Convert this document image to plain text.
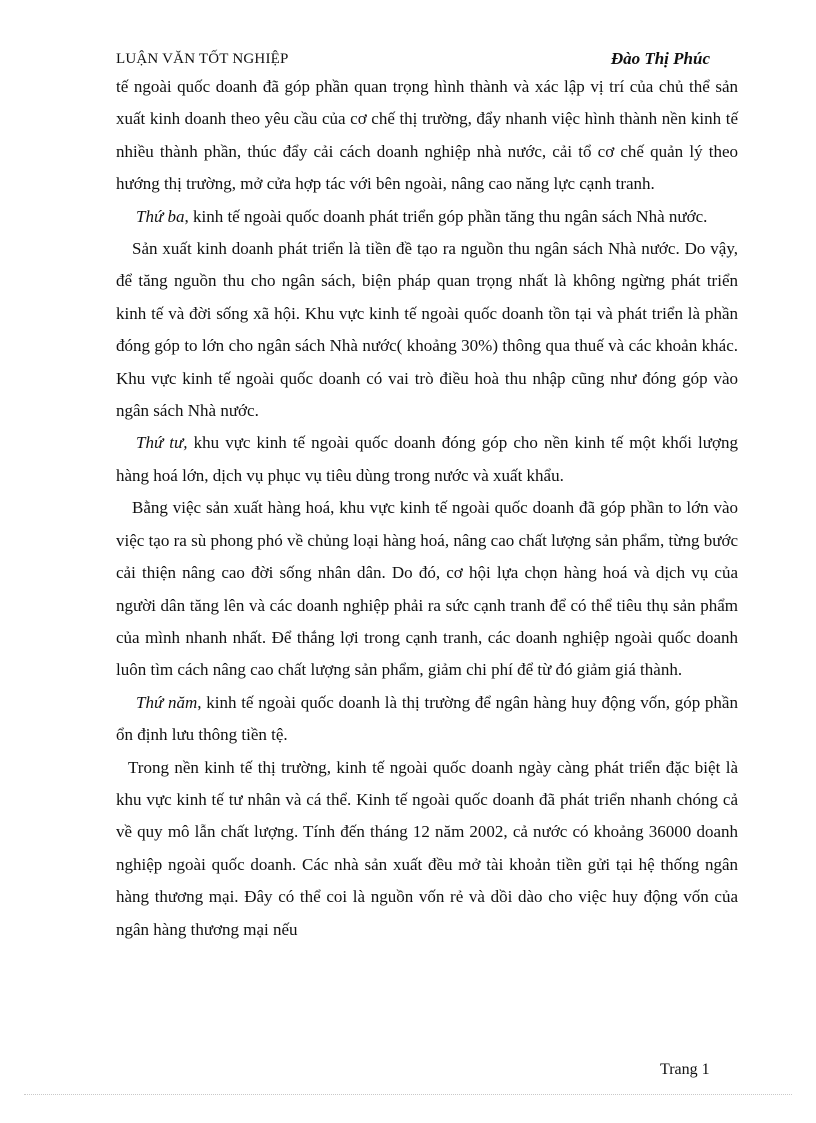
LUẬN VĂN TỐT NGHIỆP	Đào Thị Phúc

tế ngoài quốc doanh đã góp phần quan trọng hình thành và xác lập vị trí của chủ thể sản xuất kinh doanh theo yêu cầu của cơ chế thị trường, đẩy nhanh việc hình thành nền kinh tế nhiều thành phần, thúc đẩy cải cách doanh nghiệp nhà nước, cải tổ cơ chế quản lý theo hướng thị trường, mở cửa hợp tác với bên ngoài, nâng cao năng lực cạnh tranh.

Thứ ba, kinh tế ngoài quốc doanh phát triển góp phần tăng thu ngân sách Nhà nước.

Sản xuất kinh doanh phát triển là tiền đề tạo ra nguồn thu ngân sách Nhà nước. Do vậy, để tăng nguồn thu cho ngân sách, biện pháp quan trọng nhất là không ngừng phát triển kinh tế và đời sống xã hội. Khu vực kinh tế ngoài quốc doanh tồn tại và phát triển là phần đóng góp to lớn cho ngân sách Nhà nước( khoảng 30%) thông qua thuế và các khoản khác. Khu vực kinh tế ngoài quốc doanh có vai trò điều hoà thu nhập cũng như đóng góp vào ngân sách Nhà nước.

Thứ tư, khu vực kinh tế ngoài quốc doanh đóng góp cho nền kinh tế một khối lượng hàng hoá lớn, dịch vụ phục vụ tiêu dùng trong nước và xuất khẩu.

Bằng việc sản xuất hàng hoá, khu vực kinh tế ngoài quốc doanh đã góp phần to lớn vào việc tạo ra sù phong phó về chủng loại hàng hoá, nâng cao chất lượng sản phẩm, từng bước cải thiện nâng cao đời sống nhân dân. Do đó, cơ hội lựa chọn hàng hoá và dịch vụ của người dân tăng lên và các doanh nghiệp phải ra sức cạnh tranh để có thể tiêu thụ sản phẩm của mình nhanh nhất. Để thắng lợi trong cạnh tranh, các doanh nghiệp ngoài quốc doanh luôn tìm cách nâng cao chất lượng sản phẩm, giảm chi phí để từ đó giảm giá thành.

Thứ năm, kinh tế ngoài quốc doanh là thị trường để ngân hàng huy động vốn, góp phần ổn định lưu thông tiền tệ.

Trong nền kinh tế thị trường, kinh tế ngoài quốc doanh ngày càng phát triển đặc biệt là khu vực kinh tế tư nhân và cá thể. Kinh tế ngoài quốc doanh đã phát triển nhanh chóng cả về quy mô lẫn chất lượng. Tính đến tháng 12 năm 2002, cả nước có khoảng 36000 doanh nghiệp ngoài quốc doanh. Các nhà sản xuất đều mở tài khoản tiền gửi tại hệ thống ngân hàng thương mại. Đây có thể coi là nguồn vốn rẻ và dồi dào cho việc huy động vốn của ngân hàng thương mại nếu

Trang 1
